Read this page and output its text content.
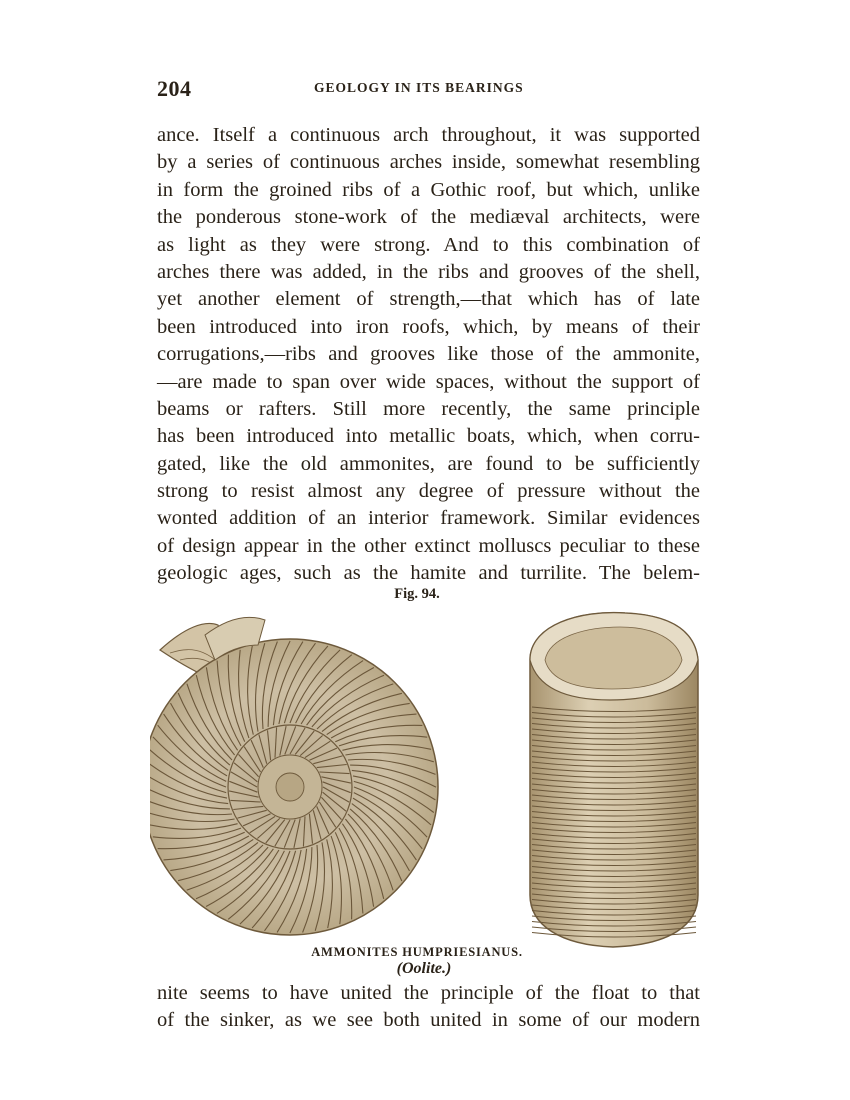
204	GEOLOGY IN ITS BEARINGS
ance. Itself a continuous arch throughout, it was supported
by a series of continuous arches inside, somewhat resembling
in form the groined ribs of a Gothic roof, but which, unlike
the ponderous stone-work of the mediæval architects, were
as light as they were strong. And to this combination of
arches there was added, in the ribs and grooves of the shell,
yet another element of strength,—that which has of late
been introduced into iron roofs, which, by means of their
corrugations,—ribs and grooves like those of the ammonite,
—are made to span over wide spaces, without the support of
beams or rafters. Still more recently, the same principle
has been introduced into metallic boats, which, when corru-
gated, like the old ammonites, are found to be sufficiently
strong to resist almost any degree of pressure without the
wonted addition of an interior framework. Similar evidences
of design appear in the other extinct molluscs peculiar to these
geologic ages, such as the hamite and turrilite. The belem-
Fig. 94.
AMMONITES HUMPRIESIANUS.
(Oolite.)
nite seems to have united the principle of the float to that
of the sinker, as we see both united in some of our modern
